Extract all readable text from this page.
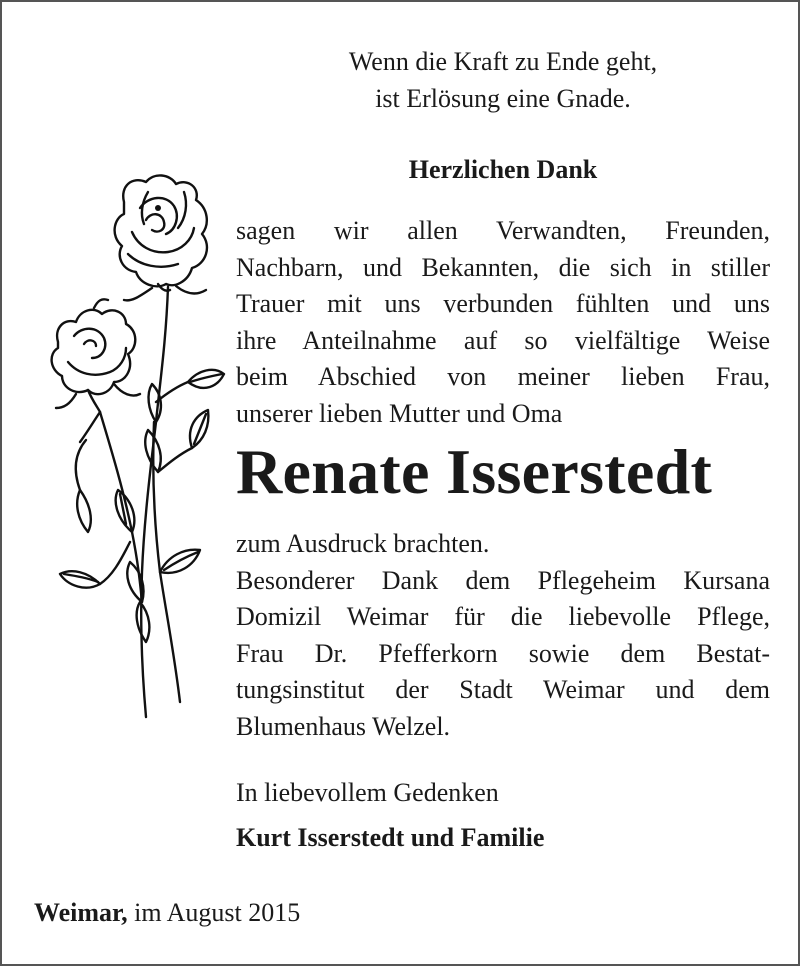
Wenn die Kraft zu Ende geht,
ist Erlösung eine Gnade.
Herzlichen Dank
sagen wir allen Verwandten, Freunden,
Nachbarn, und Bekannten, die sich in stiller
Trauer mit uns verbunden fühlten und uns
ihre Anteilnahme auf so vielfältige Weise
beim Abschied von meiner lieben Frau,
unserer lieben Mutter und Oma
Renate Isserstedt
zum Ausdruck brachten.
Besonderer Dank dem Pflegeheim Kursana
Domizil Weimar für die liebevolle Pflege,
Frau Dr. Pfefferkorn sowie dem Bestat-
tungsinstitut der Stadt Weimar und dem
Blumenhaus Welzel.
In liebevollem Gedenken
Kurt Isserstedt und Familie
Weimar, im August 2015
